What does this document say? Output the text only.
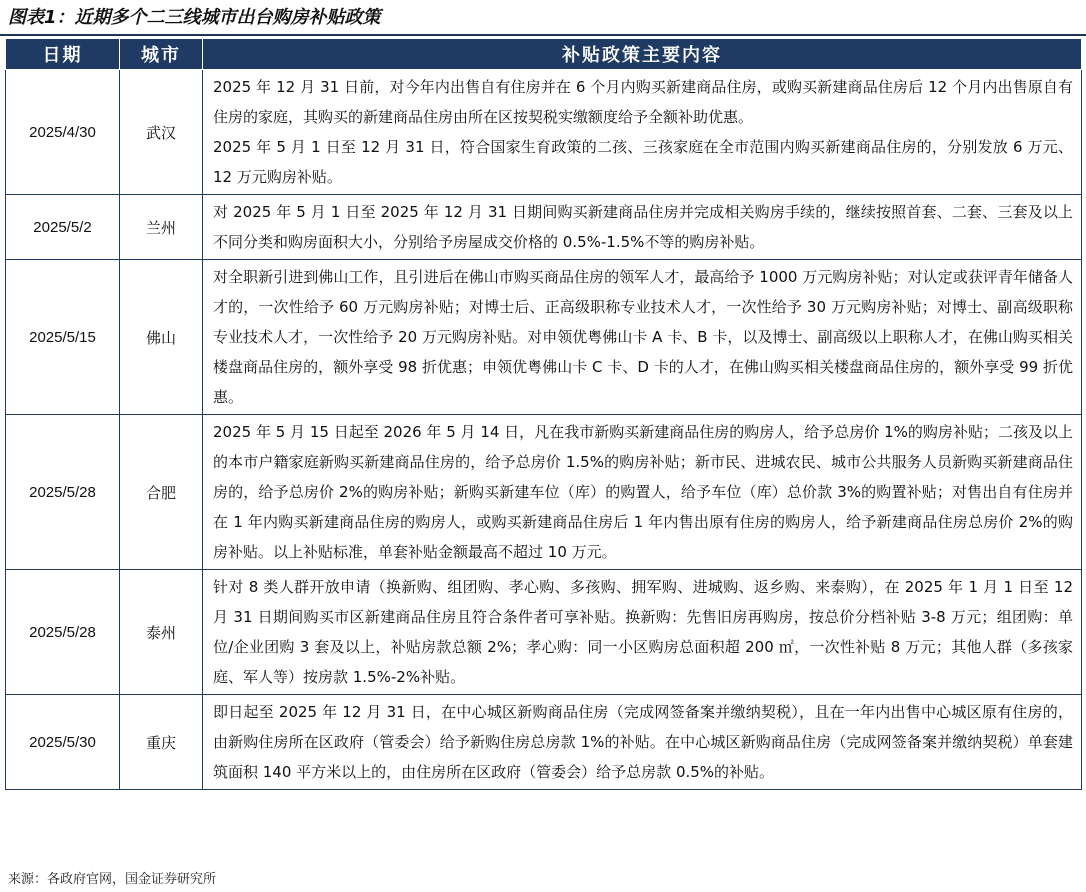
图表1：近期多个二三线城市出台购房补贴政策
日期	城市	补贴政策主要内容
2025/4/30	武汉	2025 年 12 月 31 日前，对今年内出售自有住房并在 6 个月内购买新建商品住房，或购买新建商品住房后 12 个月内出售原自有住房的家庭，其购买的新建商品住房由所在区按契税实缴额度给予全额补助优惠。

2025 年 5 月 1 日至 12 月 31 日，符合国家生育政策的二孩、三孩家庭在全市范围内购买新建商品住房的，分别发放 6 万元、12 万元购房补贴。

2025/5/2	兰州	对 2025 年 5 月 1 日至 2025 年 12 月 31 日期间购买新建商品住房并完成相关购房手续的，继续按照首套、二套、三套及以上不同分类和购房面积大小，分别给予房屋成交价格的 0.5%-1.5%不等的购房补贴。

2025/5/15	佛山	对全职新引进到佛山工作，且引进后在佛山市购买商品住房的领军人才，最高给予 1000 万元购房补贴；对认定或获评青年储备人才的，一次性给予 60 万元购房补贴；对博士后、正高级职称专业技术人才，一次性给予 30 万元购房补贴；对博士、副高级职称专业技术人才，一次性给予 20 万元购房补贴。对申领优粤佛山卡 A 卡、B 卡，以及博士、副高级以上职称人才，在佛山购买相关楼盘商品住房的，额外享受 98 折优惠；申领优粤佛山卡 C 卡、D 卡的人才，在佛山购买相关楼盘商品住房的，额外享受 99 折优惠。

2025/5/28	合肥	2025 年 5 月 15 日起至 2026 年 5 月 14 日，凡在我市新购买新建商品住房的购房人，给予总房价 1%的购房补贴；二孩及以上的本市户籍家庭新购买新建商品住房的，给予总房价 1.5%的购房补贴；新市民、进城农民、城市公共服务人员新购买新建商品住房的，给予总房价 2%的购房补贴；新购买新建车位（库）的购置人，给予车位（库）总价款 3%的购置补贴；对售出自有住房并在 1 年内购买新建商品住房的购房人，或购买新建商品住房后 1 年内售出原有住房的购房人，给予新建商品住房总房价 2%的购房补贴。以上补贴标准，单套补贴金额最高不超过 10 万元。

2025/5/28	泰州	针对 8 类人群开放申请（换新购、组团购、孝心购、多孩购、拥军购、进城购、返乡购、来泰购），在 2025 年 1 月 1 日至 12 月 31 日期间购买市区新建商品住房且符合条件者可享补贴。换新购：先售旧房再购房，按总价分档补贴 3-8 万元；组团购：单位/企业团购 3 套及以上，补贴房款总额 2%；孝心购：同一小区购房总面积超 200 ㎡，一次性补贴 8 万元；其他人群（多孩家庭、军人等）按房款 1.5%-2%补贴。

2025/5/30	重庆	即日起至 2025 年 12 月 31 日，在中心城区新购商品住房（完成网签备案并缴纳契税），且在一年内出售中心城区原有住房的，由新购住房所在区政府（管委会）给予新购住房总房款 1%的补贴。在中心城区新购商品住房（完成网签备案并缴纳契税）单套建筑面积 140 平方米以上的，由住房所在区政府（管委会）给予总房款 0.5%的补贴。

来源：各政府官网，国金证券研究所
